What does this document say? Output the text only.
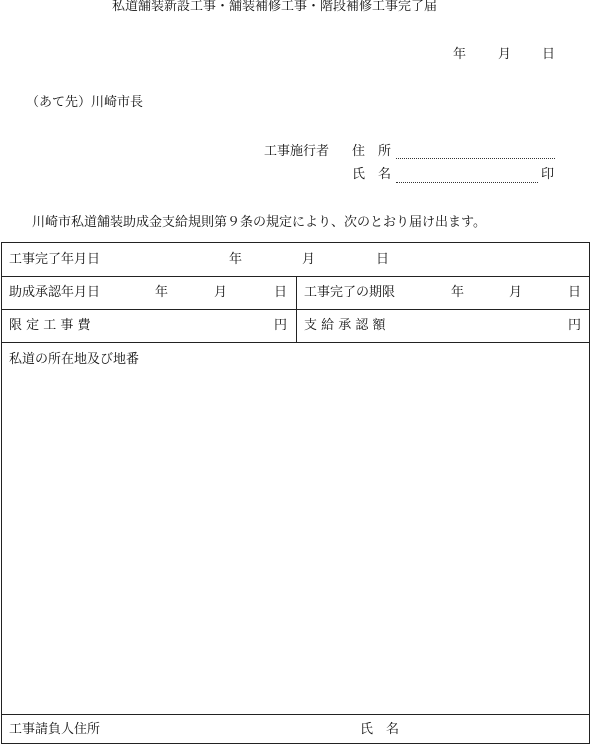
私道舗装新設工事・舗装補修工事・階段補修工事完了届
年 月 日
（あて先）川崎市長
工事施行者 住　所
氏　名	印
川崎市私道舗装助成金支給規則第９条の規定により、次のとおり届け出ます。
工事完了年月日	年	月	日
助成承認年月日	年	月	日 工事完了の期限	年	月	日
限 定 工 事 費	円 支 給 承 認 額	円
私道の所在地及び地番
工事請負人住所	氏　名
